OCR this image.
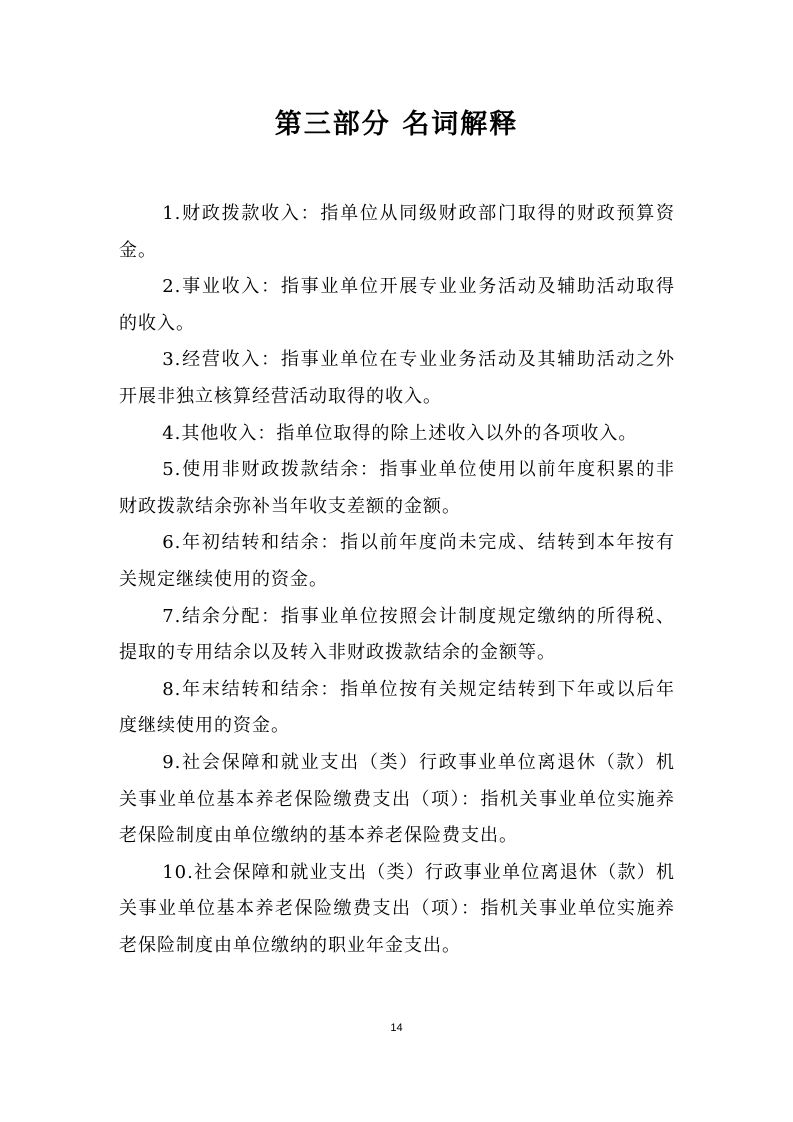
第三部分 名词解释

1.财政拨款收入：指单位从同级财政部门取得的财政预算资金。

2.事业收入：指事业单位开展专业业务活动及辅助活动取得的收入。

3.经营收入：指事业单位在专业业务活动及其辅助活动之外开展非独立核算经营活动取得的收入。

4.其他收入：指单位取得的除上述收入以外的各项收入。

5.使用非财政拨款结余：指事业单位使用以前年度积累的非财政拨款结余弥补当年收支差额的金额。

6.年初结转和结余：指以前年度尚未完成、结转到本年按有关规定继续使用的资金。

7.结余分配：指事业单位按照会计制度规定缴纳的所得税、提取的专用结余以及转入非财政拨款结余的金额等。

8.年末结转和结余：指单位按有关规定结转到下年或以后年度继续使用的资金。

9.社会保障和就业支出（类）行政事业单位离退休（款）机关事业单位基本养老保险缴费支出（项）：指机关事业单位实施养老保险制度由单位缴纳的基本养老保险费支出。

10.社会保障和就业支出（类）行政事业单位离退休（款）机关事业单位基本养老保险缴费支出（项）：指机关事业单位实施养老保险制度由单位缴纳的职业年金支出。

14
